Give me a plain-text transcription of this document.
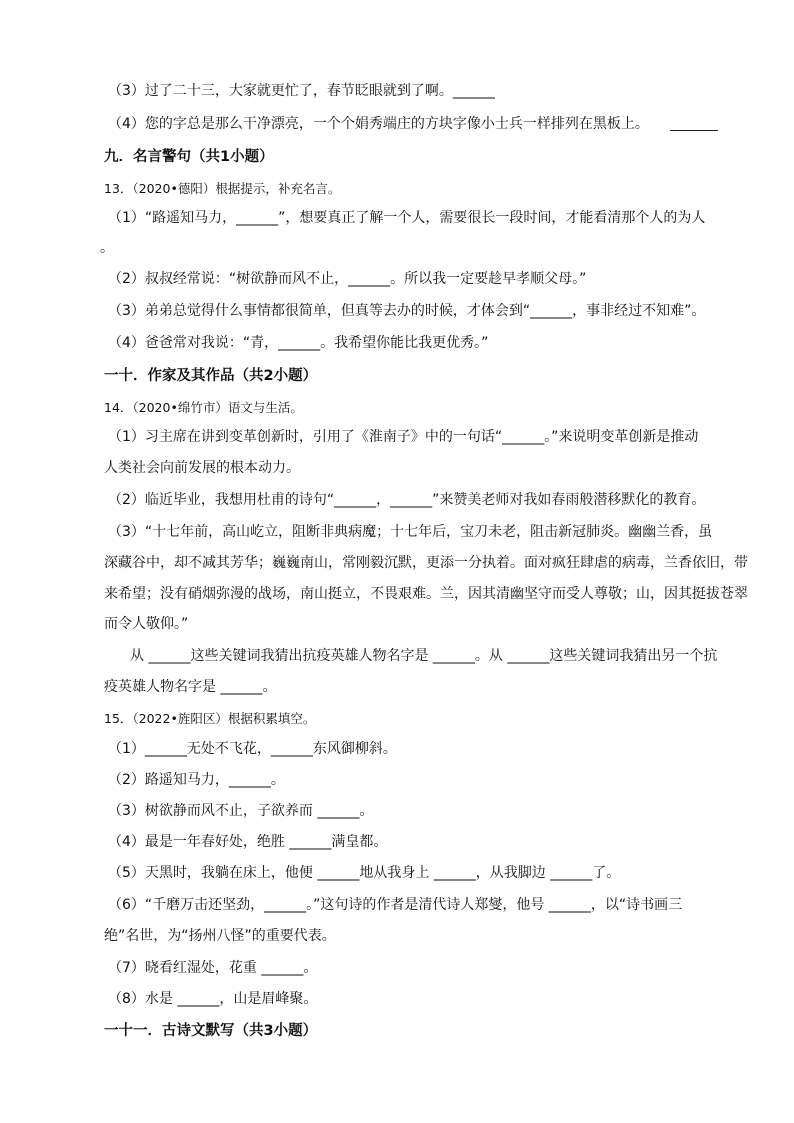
（3）过了二十三，大家就更忙了，春节眨眼就到了啊。______
（4）您的字总是那么干净漂亮，一个个娟秀端庄的方块字像小士兵一样排列在黑板上。
九．名言警句（共1小题）
13．（2020•德阳）根据提示，补充名言。
（1）“路遥知马力，______”，想要真正了解一个人，需要很长一段时间，才能看清那个人的为人
。
（2）叔叔经常说：“树欲静而风不止，______。所以我一定要趁早孝顺父母。”
（3）弟弟总觉得什么事情都很简单，但真等去办的时候，才体会到“______，事非经过不知难”。
（4）爸爸常对我说：“青，______。我希望你能比我更优秀。”
一十．作家及其作品（共2小题）
14．（2020•绵竹市）语文与生活。
（1）习主席在讲到变革创新时，引用了《淮南子》中的一句话“______。”来说明变革创新是推动
人类社会向前发展的根本动力。
（2）临近毕业，我想用杜甫的诗句“______，______”来赞美老师对我如春雨般潜移默化的教育。
（3）“十七年前，高山屹立，阻断非典病魔；十七年后，宝刀未老，阻击新冠肺炎。幽幽兰香，虽
深藏谷中，却不减其芳华；巍巍南山，常刚毅沉默，更添一分执着。面对疯狂肆虐的病毒，兰香依旧，带
来希望；没有硝烟弥漫的战场，南山挺立，不畏艰难。兰，因其清幽坚守而受人尊敬；山，因其挺拔苍翠
而令人敬仰。”
从 ______这些关键词我猜出抗疫英雄人物名字是 ______。从 ______这些关键词我猜出另一个抗
疫英雄人物名字是 ______。
15．（2022•旌阳区）根据积累填空。
（1）______无处不飞花，______东风御柳斜。
（2）路遥知马力，______。
（3）树欲静而风不止，子欲养而 ______。
（4）最是一年春好处，绝胜 ______满皇都。
（5）天黑时，我躺在床上，他便 ______地从我身上 ______，从我脚边 ______了。
（6）“千磨万击还坚劲，______。”这句诗的作者是清代诗人郑燮，他号 ______，以“诗书画三
绝”名世，为“扬州八怪”的重要代表。
（7）晓看红湿处，花重 ______。
（8）水是 ______，山是眉峰聚。
一十一．古诗文默写（共3小题）
